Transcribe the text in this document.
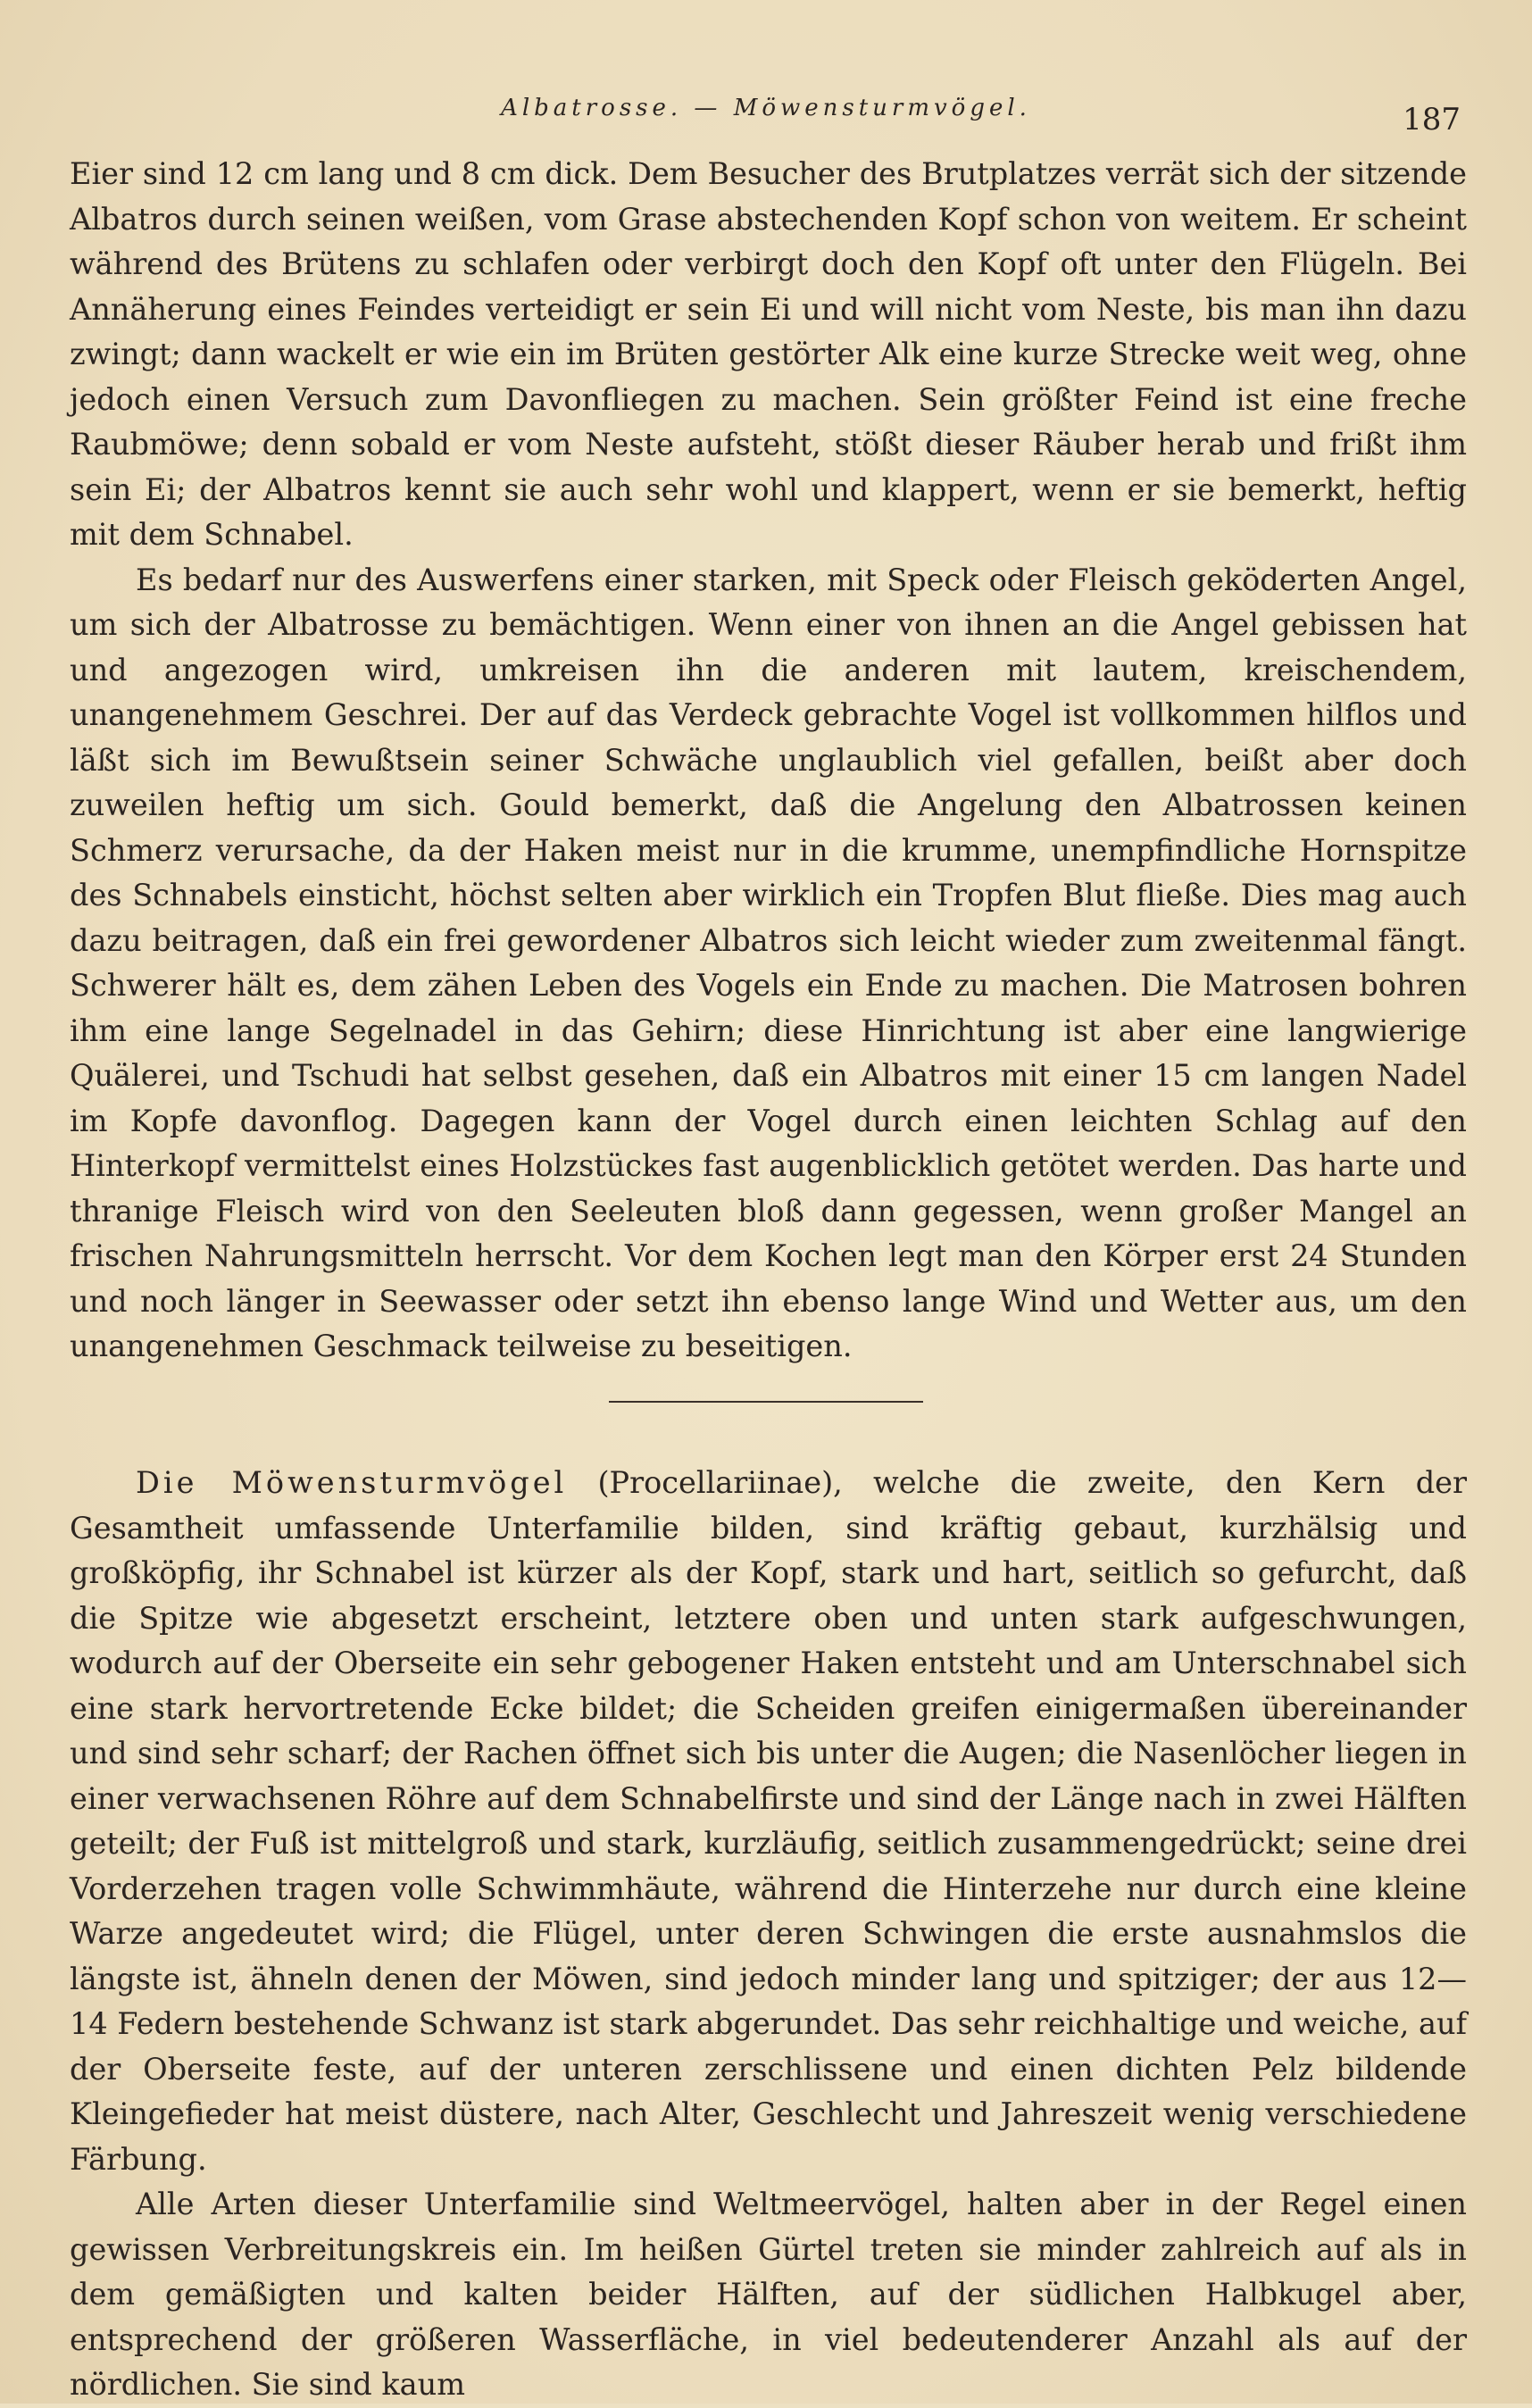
Albatrosse. — Möwensturmvögel.	187

Eier sind 12 cm lang und 8 cm dick. Dem Besucher des Brutplatzes verrät sich der sitzende Albatros durch seinen weißen, vom Grase abstechenden Kopf schon von weitem. Er scheint während des Brütens zu schlafen oder verbirgt doch den Kopf oft unter den Flügeln. Bei Annäherung eines Feindes verteidigt er sein Ei und will nicht vom Neste, bis man ihn dazu zwingt; dann wackelt er wie ein im Brüten gestörter Alk eine kurze Strecke weit weg, ohne jedoch einen Versuch zum Davonfliegen zu machen. Sein größter Feind ist eine freche Raubmöwe; denn sobald er vom Neste aufsteht, stößt dieser Räuber herab und frißt ihm sein Ei; der Albatros kennt sie auch sehr wohl und klappert, wenn er sie bemerkt, heftig mit dem Schnabel.

Es bedarf nur des Auswerfens einer starken, mit Speck oder Fleisch geköderten Angel, um sich der Albatrosse zu bemächtigen. Wenn einer von ihnen an die Angel gebissen hat und angezogen wird, umkreisen ihn die anderen mit lautem, kreischendem, unangenehmem Geschrei. Der auf das Verdeck gebrachte Vogel ist vollkommen hilflos und läßt sich im Bewußtsein seiner Schwäche unglaublich viel gefallen, beißt aber doch zuweilen heftig um sich. Gould bemerkt, daß die Angelung den Albatrossen keinen Schmerz verursache, da der Haken meist nur in die krumme, unempfindliche Hornspitze des Schnabels einsticht, höchst selten aber wirklich ein Tropfen Blut fließe. Dies mag auch dazu beitragen, daß ein frei gewordener Albatros sich leicht wieder zum zweitenmal fängt. Schwerer hält es, dem zähen Leben des Vogels ein Ende zu machen. Die Matrosen bohren ihm eine lange Segelnadel in das Gehirn; diese Hinrichtung ist aber eine langwierige Quälerei, und Tschudi hat selbst gesehen, daß ein Albatros mit einer 15 cm langen Nadel im Kopfe davonflog. Dagegen kann der Vogel durch einen leichten Schlag auf den Hinterkopf vermittelst eines Holzstückes fast augenblicklich getötet werden. Das harte und thranige Fleisch wird von den Seeleuten bloß dann gegessen, wenn großer Mangel an frischen Nahrungsmitteln herrscht. Vor dem Kochen legt man den Körper erst 24 Stunden und noch länger in Seewasser oder setzt ihn ebenso lange Wind und Wetter aus, um den unangenehmen Geschmack teilweise zu beseitigen.

Die Möwensturmvögel (Procellariinae), welche die zweite, den Kern der Gesamtheit umfassende Unterfamilie bilden, sind kräftig gebaut, kurzhälsig und großköpfig, ihr Schnabel ist kürzer als der Kopf, stark und hart, seitlich so gefurcht, daß die Spitze wie abgesetzt erscheint, letztere oben und unten stark aufgeschwungen, wodurch auf der Oberseite ein sehr gebogener Haken entsteht und am Unterschnabel sich eine stark hervortretende Ecke bildet; die Scheiden greifen einigermaßen übereinander und sind sehr scharf; der Rachen öffnet sich bis unter die Augen; die Nasenlöcher liegen in einer verwachsenen Röhre auf dem Schnabelfirste und sind der Länge nach in zwei Hälften geteilt; der Fuß ist mittelgroß und stark, kurzläufig, seitlich zusammengedrückt; seine drei Vorderzehen tragen volle Schwimmhäute, während die Hinterzehe nur durch eine kleine Warze angedeutet wird; die Flügel, unter deren Schwingen die erste ausnahmslos die längste ist, ähneln denen der Möwen, sind jedoch minder lang und spitziger; der aus 12—14 Federn bestehende Schwanz ist stark abgerundet. Das sehr reichhaltige und weiche, auf der Oberseite feste, auf der unteren zerschlissene und einen dichten Pelz bildende Kleingefieder hat meist düstere, nach Alter, Geschlecht und Jahreszeit wenig verschiedene Färbung.

Alle Arten dieser Unterfamilie sind Weltmeervögel, halten aber in der Regel einen gewissen Verbreitungskreis ein. Im heißen Gürtel treten sie minder zahlreich auf als in dem gemäßigten und kalten beider Hälften, auf der südlichen Halbkugel aber, entsprechend der größeren Wasserfläche, in viel bedeutenderer Anzahl als auf der nördlichen. Sie sind kaum
